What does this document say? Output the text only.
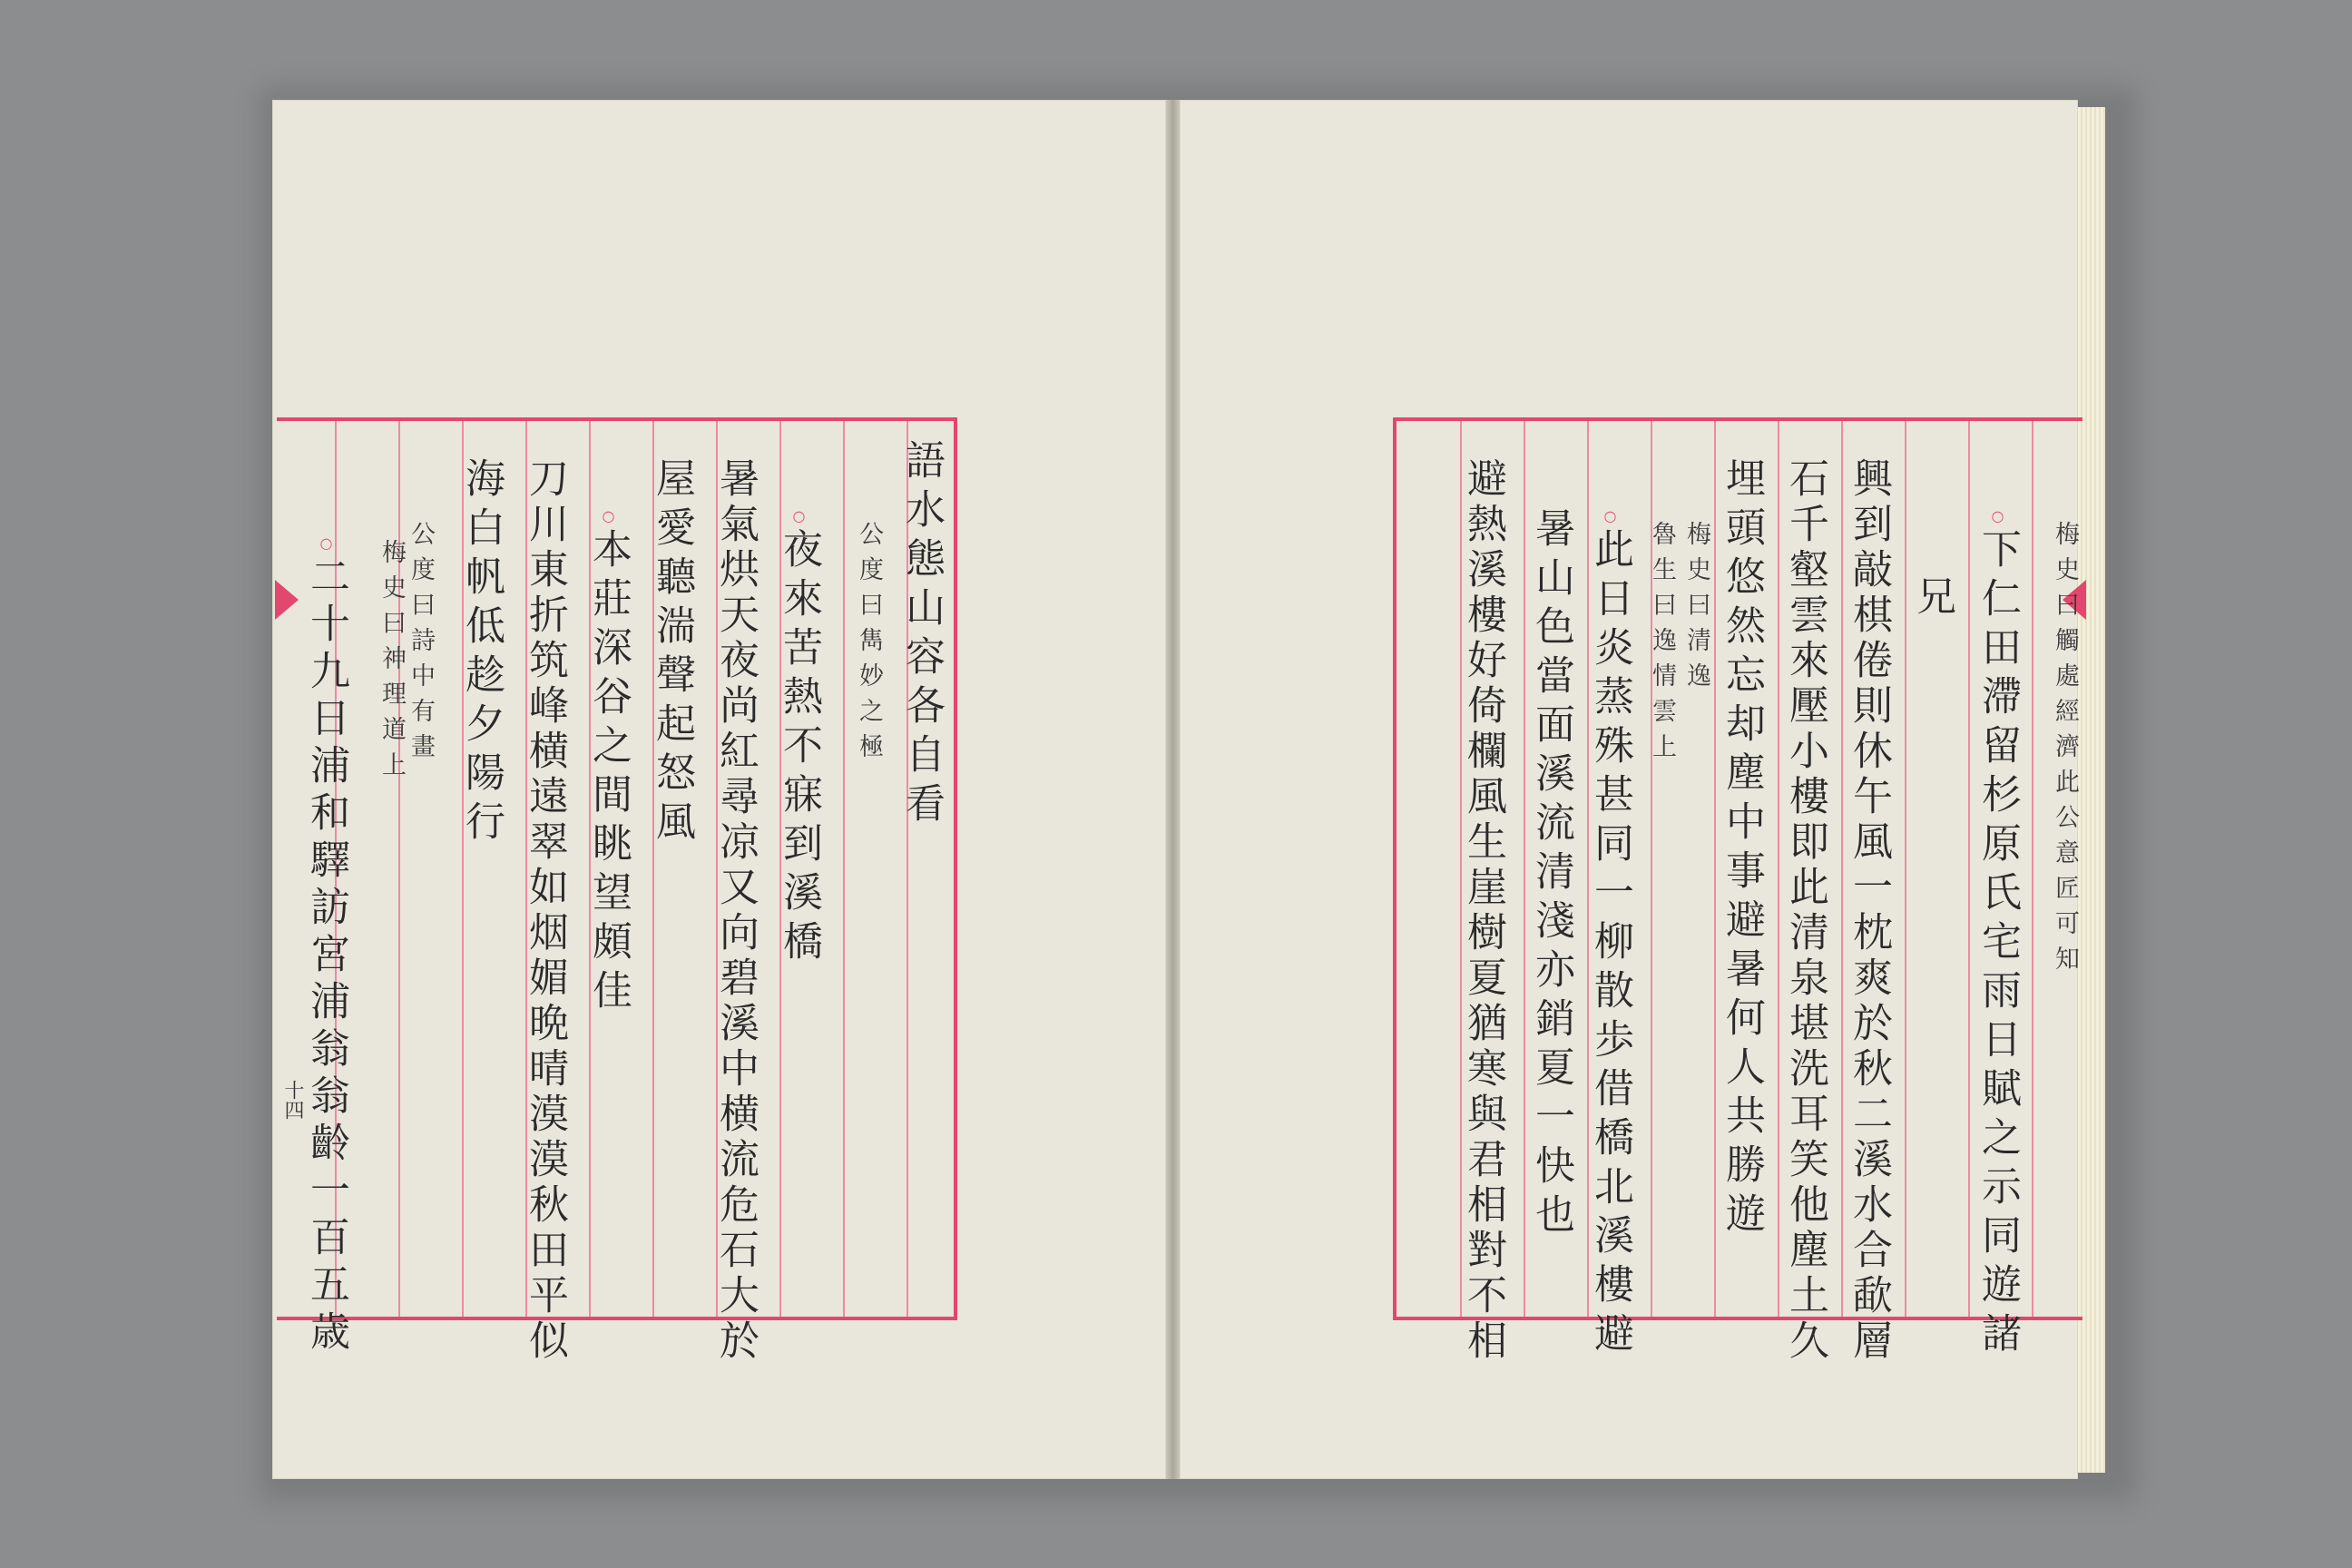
語水態山容各自看
公度曰雋妙之極
○ 夜來苦熱不寐到溪橋
暑氣烘天夜尚紅尋凉又向碧溪中横流危石大於
屋愛聽湍聲起怒風
○ 本莊深谷之間眺望頗佳
刀川東折筑峰横遠翠如烟媚晩晴漠漠秋田平似
海白帆低趁夕陽行
公度曰詩中有畫
梅史曰神理道上
○ 二十九日浦和驛訪宮浦翁翁齡一百五歳
十四
梅史曰觸處經濟此公意匠可知
○ 下仁田滯留杉原氏宅雨日賦之示同遊諸
兄
興到敲棋倦則休午風一枕爽於秋二溪水合歃層
石千壑雲來壓小樓即此清泉堪洗耳笑他塵土久
埋頭悠然忘却塵中事避暑何人共勝遊
梅史曰清逸
魯生曰逸情雲上
○ 此日炎蒸殊甚同一柳散歩借橋北溪樓避
暑山色當面溪流清淺亦銷夏一快也
避熱溪樓好倚欄風生崖樹夏猶寒與君相對不相
